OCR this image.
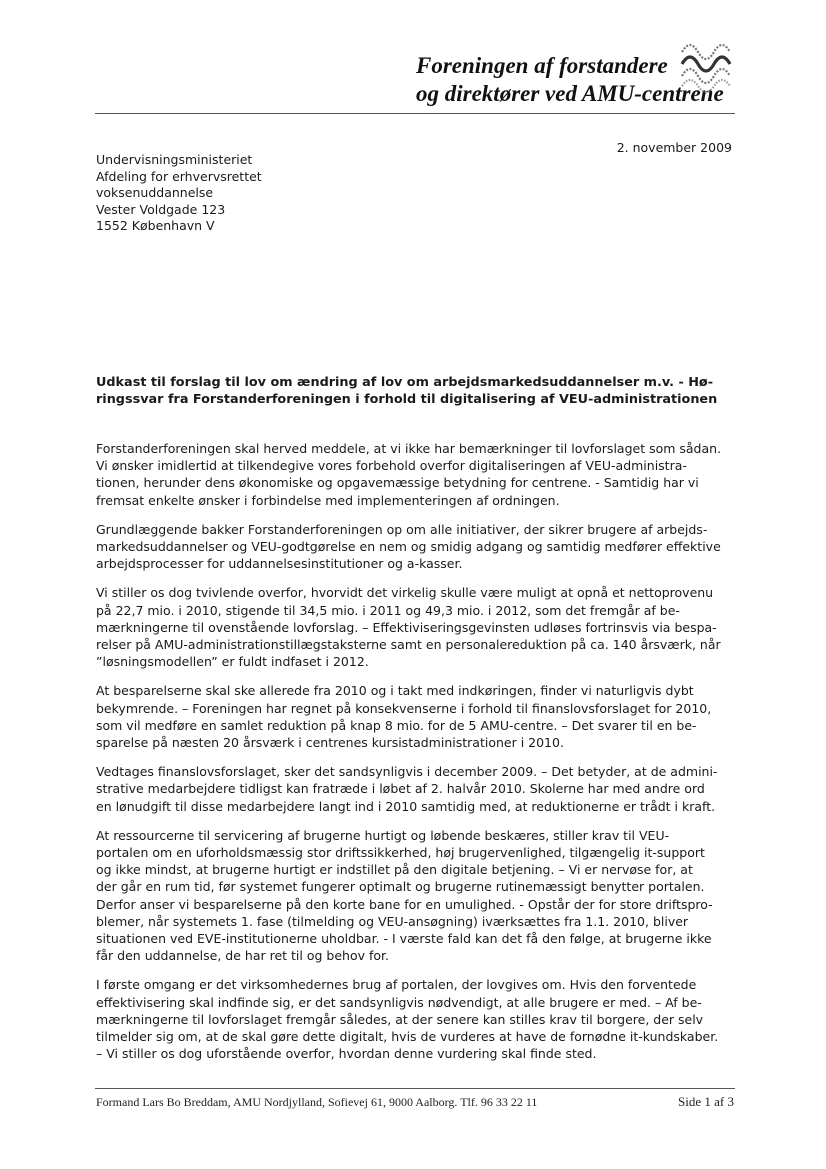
Foreningen af forstandere
og direktører ved AMU-centrene
2. november 2009
Undervisningsministeriet
Afdeling for erhvervsrettet
voksenuddannelse
Vester Voldgade 123
1552 København V
Udkast til forslag til lov om ændring af lov om arbejdsmarkedsuddannelser m.v. - Hø-
ringssvar fra Forstanderforeningen i forhold til digitalisering af VEU-administrationen
Forstanderforeningen skal herved meddele, at vi ikke har bemærkninger til lovforslaget som sådan.
Vi ønsker imidlertid at tilkendegive vores forbehold overfor digitaliseringen af VEU-administra-
tionen, herunder dens økonomiske og opgavemæssige betydning for centrene. - Samtidig har vi
fremsat enkelte ønsker i forbindelse med implementeringen af ordningen.
Grundlæggende bakker Forstanderforeningen op om alle initiativer, der sikrer brugere af arbejds-
markedsuddannelser og VEU-godtgørelse en nem og smidig adgang og samtidig medfører effektive
arbejdsprocesser for uddannelsesinstitutioner og a-kasser.
Vi stiller os dog tvivlende overfor, hvorvidt det virkelig skulle være muligt at opnå et nettoprovenu
på 22,7 mio. i 2010, stigende til 34,5 mio. i 2011 og 49,3 mio. i 2012, som det fremgår af be-
mærkningerne til ovenstående lovforslag. – Effektiviseringsgevinsten udløses fortrinsvis via bespa-
relser på AMU-administrationstillægstaksterne samt en personalereduktion på ca. 140 årsværk, når
”løsningsmodellen” er fuldt indfaset i 2012.
At besparelserne skal ske allerede fra 2010 og i takt med indkøringen, finder vi naturligvis dybt
bekymrende. – Foreningen har regnet på konsekvenserne i forhold til finanslovsforslaget for 2010,
som vil medføre en samlet reduktion på knap 8 mio. for de 5 AMU-centre. – Det svarer til en be-
sparelse på næsten 20 årsværk i centrenes kursistadministrationer i 2010.
Vedtages finanslovsforslaget, sker det sandsynligvis i december 2009. – Det betyder, at de admini-
strative medarbejdere tidligst kan fratræde i løbet af 2. halvår 2010. Skolerne har med andre ord
en lønudgift til disse medarbejdere langt ind i 2010 samtidig med, at reduktionerne er trådt i kraft.
At ressourcerne til servicering af brugerne hurtigt og løbende beskæres, stiller krav til VEU-
portalen om en uforholdsmæssig stor driftssikkerhed, høj brugervenlighed, tilgængelig it-support
og ikke mindst, at brugerne hurtigt er indstillet på den digitale betjening. – Vi er nervøse for, at
der går en rum tid, før systemet fungerer optimalt og brugerne rutinemæssigt benytter portalen.
Derfor anser vi besparelserne på den korte bane for en umulighed. - Opstår der for store driftspro-
blemer, når systemets 1. fase (tilmelding og VEU-ansøgning) iværksættes fra 1.1. 2010, bliver
situationen ved EVE-institutionerne uholdbar. - I værste fald kan det få den følge, at brugerne ikke
får den uddannelse, de har ret til og behov for.
I første omgang er det virksomhedernes brug af portalen, der lovgives om. Hvis den forventede
effektivisering skal indfinde sig, er det sandsynligvis nødvendigt, at alle brugere er med. – Af be-
mærkningerne til lovforslaget fremgår således, at der senere kan stilles krav til borgere, der selv
tilmelder sig om, at de skal gøre dette digitalt, hvis de vurderes at have de fornødne it-kundskaber.
– Vi stiller os dog uforstående overfor, hvordan denne vurdering skal finde sted.
Formand Lars Bo Breddam, AMU Nordjylland, Sofievej 61, 9000 Aalborg. Tlf. 96 33 22 11	Side 1 af 3
